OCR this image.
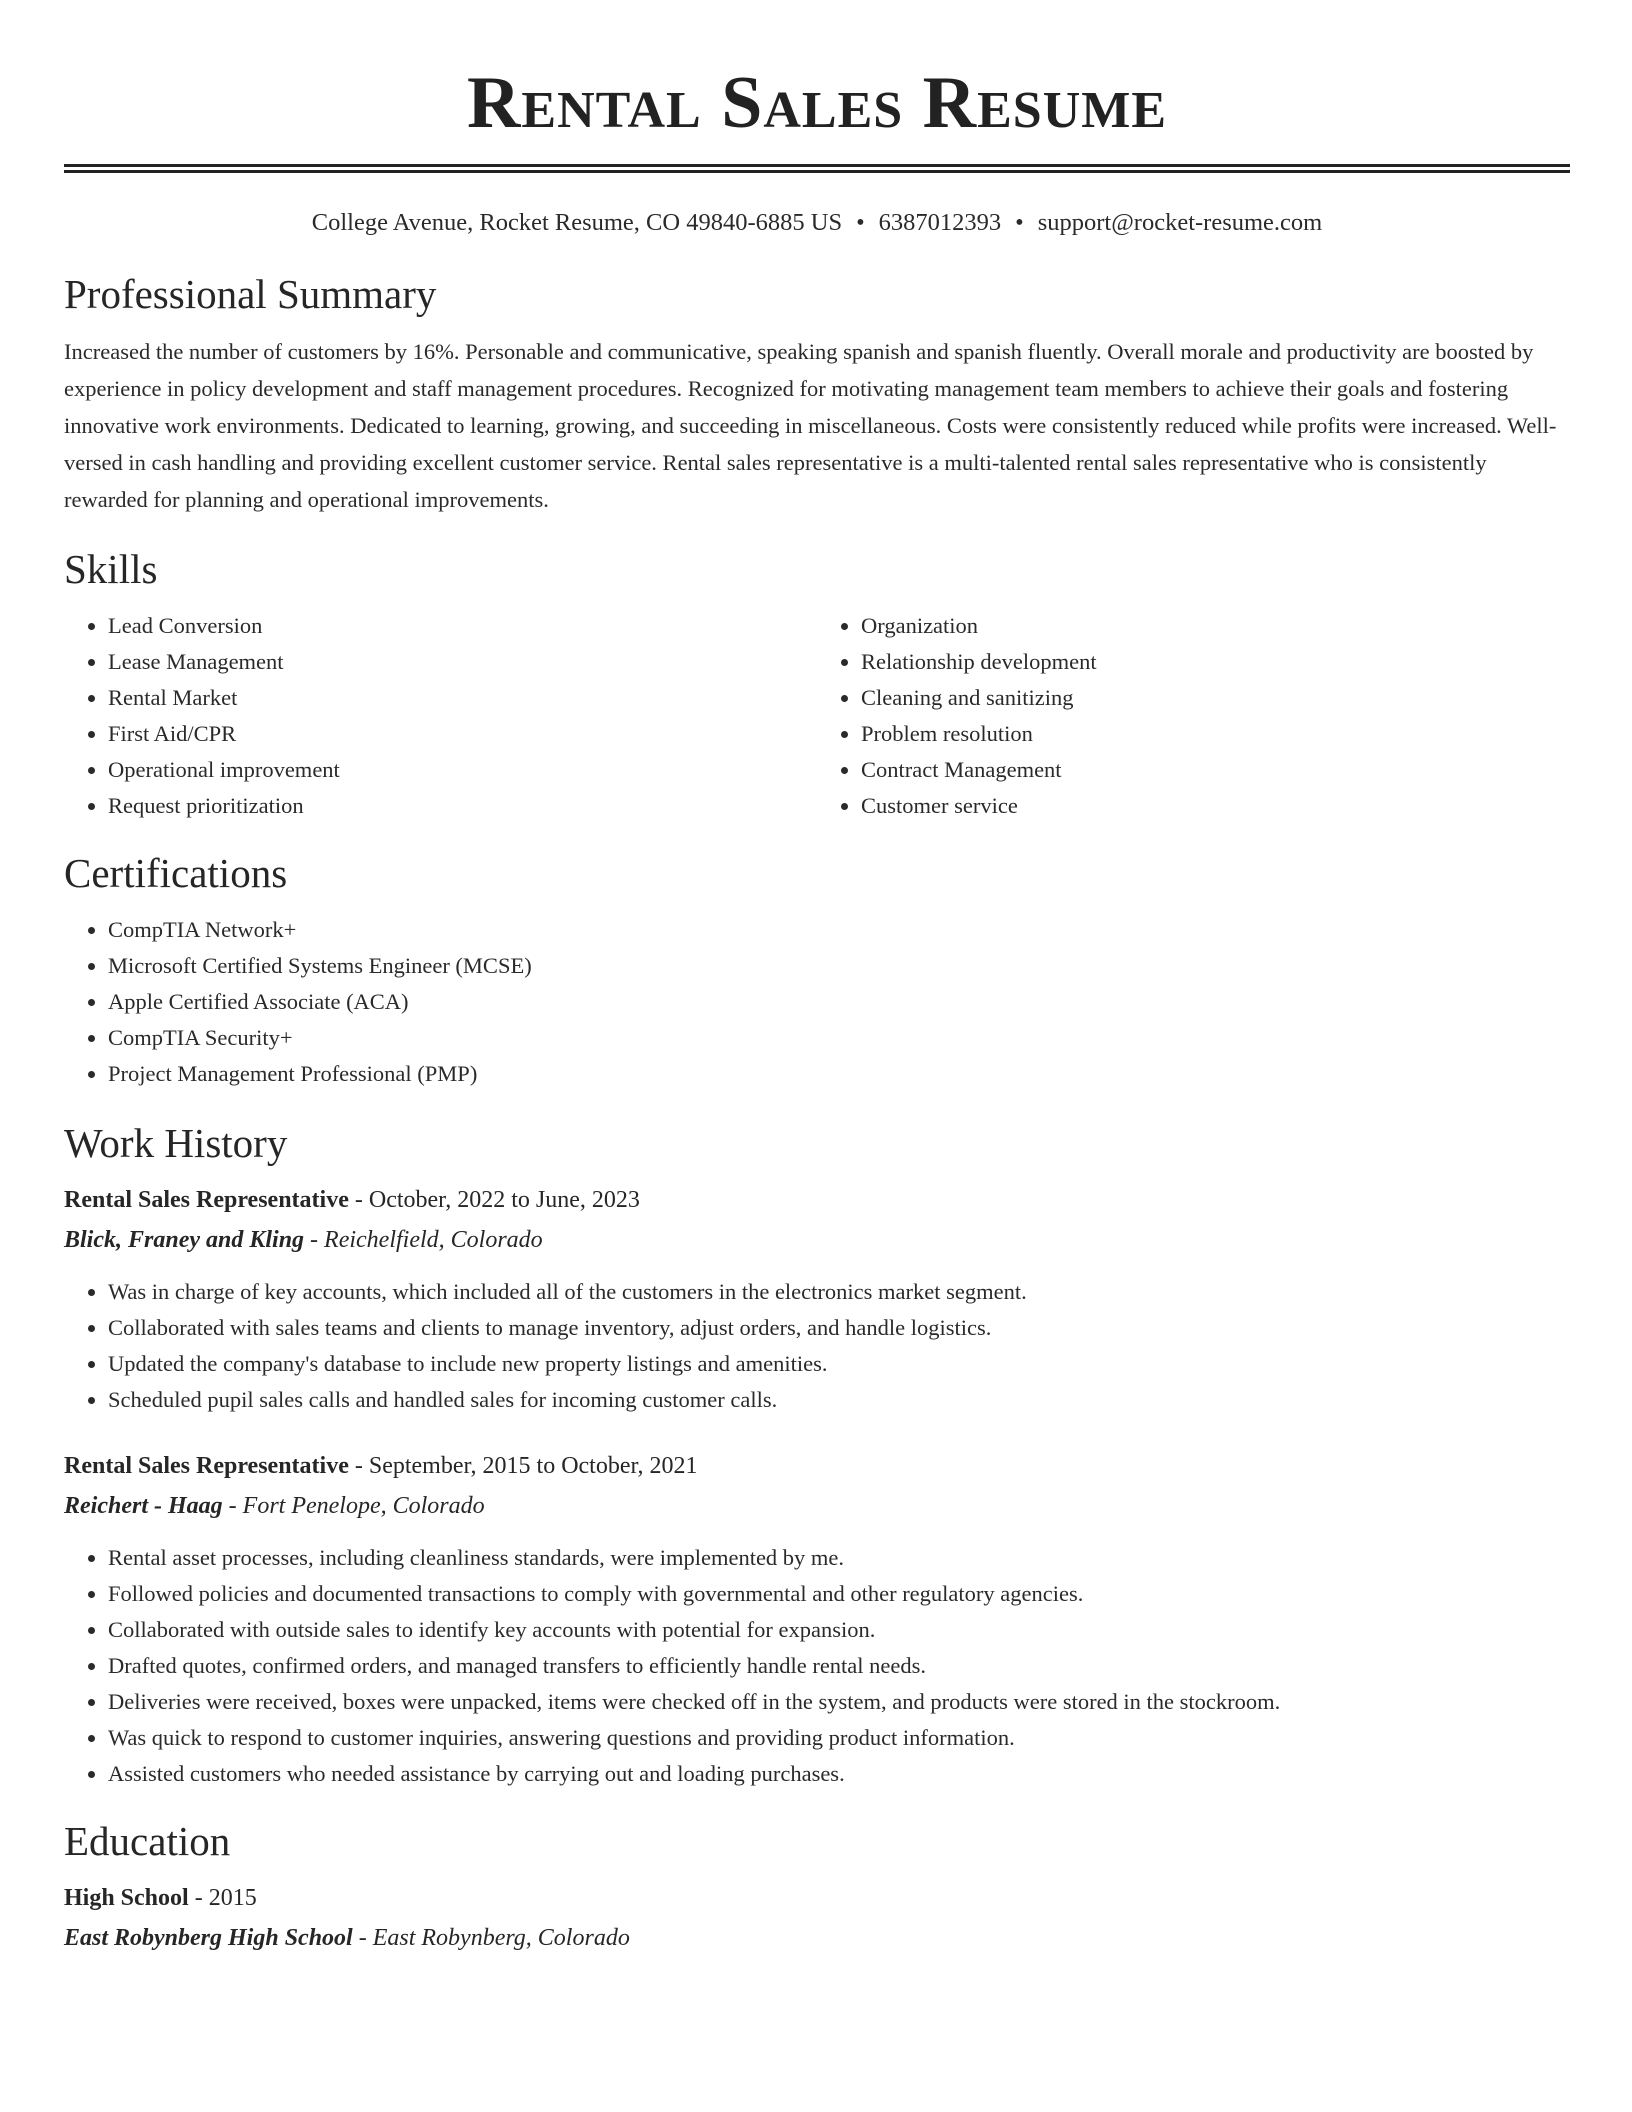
Rental Sales Resume
College Avenue, Rocket Resume, CO 49840-6885 US • 6387012393 • support@rocket-resume.com
Professional Summary

Increased the number of customers by 16%. Personable and communicative, speaking spanish and spanish fluently. Overall morale and productivity are boosted by experience in policy development and staff management procedures. Recognized for motivating management team members to achieve their goals and fostering innovative work environments. Dedicated to learning, growing, and succeeding in miscellaneous. Costs were consistently reduced while profits were increased. Well-versed in cash handling and providing excellent customer service. Rental sales representative is a multi-talented rental sales representative who is consistently rewarded for planning and operational improvements.

Skills
• Lead Conversion
• Lease Management
• Rental Market
• First Aid/CPR
• Operational improvement
• Request prioritization
• Organization
• Relationship development
• Cleaning and sanitizing
• Problem resolution
• Contract Management
• Customer service
Certifications
• CompTIA Network+
• Microsoft Certified Systems Engineer (MCSE)
• Apple Certified Associate (ACA)
• CompTIA Security+
• Project Management Professional (PMP)
Work History
Rental Sales Representative - October, 2022 to June, 2023
Blick, Franey and Kling - Reichelfield, Colorado
• Was in charge of key accounts, which included all of the customers in the electronics market segment.
• Collaborated with sales teams and clients to manage inventory, adjust orders, and handle logistics.
• Updated the company's database to include new property listings and amenities.
• Scheduled pupil sales calls and handled sales for incoming customer calls.
Rental Sales Representative - September, 2015 to October, 2021
Reichert - Haag - Fort Penelope, Colorado
• Rental asset processes, including cleanliness standards, were implemented by me.
• Followed policies and documented transactions to comply with governmental and other regulatory agencies.
• Collaborated with outside sales to identify key accounts with potential for expansion.
• Drafted quotes, confirmed orders, and managed transfers to efficiently handle rental needs.
• Deliveries were received, boxes were unpacked, items were checked off in the system, and products were stored in the stockroom.
• Was quick to respond to customer inquiries, answering questions and providing product information.
• Assisted customers who needed assistance by carrying out and loading purchases.
Education
High School - 2015
East Robynberg High School - East Robynberg, Colorado
